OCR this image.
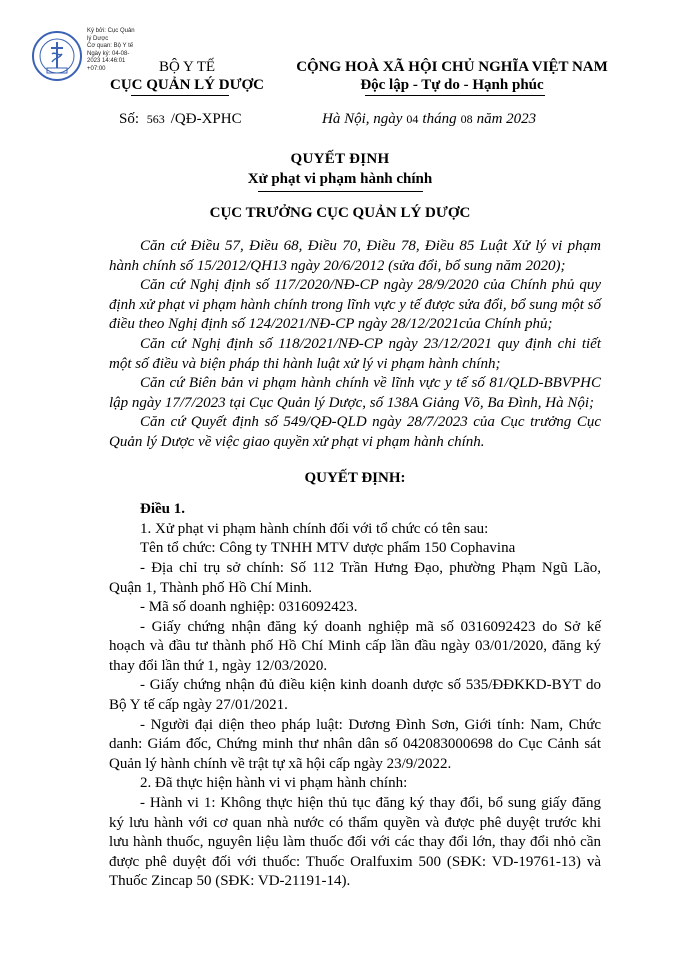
Ký bởi: Cục Quản
lý Dược
Cơ quan: Bộ Y tế
Ngày ký: 04-08-
2023 14:46:01
+07:00	BỘ Y TẾ
CỤC QUẢN LÝ DƯỢC
CỘNG HOÀ XÃ HỘI CHỦ NGHĨA VIỆT NAM
Độc lập - Tự do - Hạnh phúc
Số: 563 /QĐ-XPHC	Hà Nội, ngày 04 tháng 08 năm 2023
QUYẾT ĐỊNH
Xử phạt vi phạm hành chính
CỤC TRƯỞNG CỤC QUẢN LÝ DƯỢC

Căn cứ Điều 57, Điều 68, Điều 70, Điều 78, Điều 85 Luật Xử lý vi phạm hành chính số 15/2012/QH13 ngày 20/6/2012 (sửa đổi, bổ sung năm 2020);

Căn cứ Nghị định số 117/2020/NĐ-CP ngày 28/9/2020 của Chính phủ quy định xử phạt vi phạm hành chính trong lĩnh vực y tế được sửa đổi, bổ sung một số điều theo Nghị định số 124/2021/NĐ-CP ngày 28/12/2021của Chính phủ;

Căn cứ Nghị định số 118/2021/NĐ-CP ngày 23/12/2021 quy định chi tiết một số điều và biện pháp thi hành luật xử lý vi phạm hành chính;

Căn cứ Biên bản vi phạm hành chính về lĩnh vực y tế số 81/QLD-BBVPHC lập ngày 17/7/2023 tại Cục Quản lý Dược, số 138A Giảng Võ, Ba Đình, Hà Nội;

Căn cứ Quyết định số 549/QĐ-QLD ngày 28/7/2023 của Cục trưởng Cục Quản lý Dược về việc giao quyền xử phạt vi phạm hành chính.

QUYẾT ĐỊNH:

Điều 1.

1. Xử phạt vi phạm hành chính đối với tổ chức có tên sau:

Tên tổ chức: Công ty TNHH MTV dược phẩm 150 Cophavina

- Địa chỉ trụ sở chính: Số 112 Trần Hưng Đạo, phường Phạm Ngũ Lão, Quận 1, Thành phố Hồ Chí Minh.

- Mã số doanh nghiệp: 0316092423.

- Giấy chứng nhận đăng ký doanh nghiệp mã số 0316092423 do Sở kế hoạch và đầu tư thành phố Hồ Chí Minh cấp lần đầu ngày 03/01/2020, đăng ký thay đổi lần thứ 1, ngày 12/03/2020.

- Giấy chứng nhận đủ điều kiện kinh doanh dược số 535/ĐĐKKD-BYT do Bộ Y tế cấp ngày 27/01/2021.

- Người đại diện theo pháp luật: Dương Đình Sơn, Giới tính: Nam, Chức danh: Giám đốc, Chứng minh thư nhân dân số 042083000698 do Cục Cảnh sát Quản lý hành chính về trật tự xã hội cấp ngày 23/9/2022.

2. Đã thực hiện hành vi vi phạm hành chính:

- Hành vi 1: Không thực hiện thủ tục đăng ký thay đổi, bổ sung giấy đăng ký lưu hành với cơ quan nhà nước có thẩm quyền và được phê duyệt trước khi lưu hành thuốc, nguyên liệu làm thuốc đối với các thay đổi lớn, thay đổi nhỏ cần được phê duyệt đối với thuốc: Thuốc Oralfuxim 500 (SĐK: VD-19761-13) và Thuốc Zincap 50 (SĐK: VD-21191-14).
